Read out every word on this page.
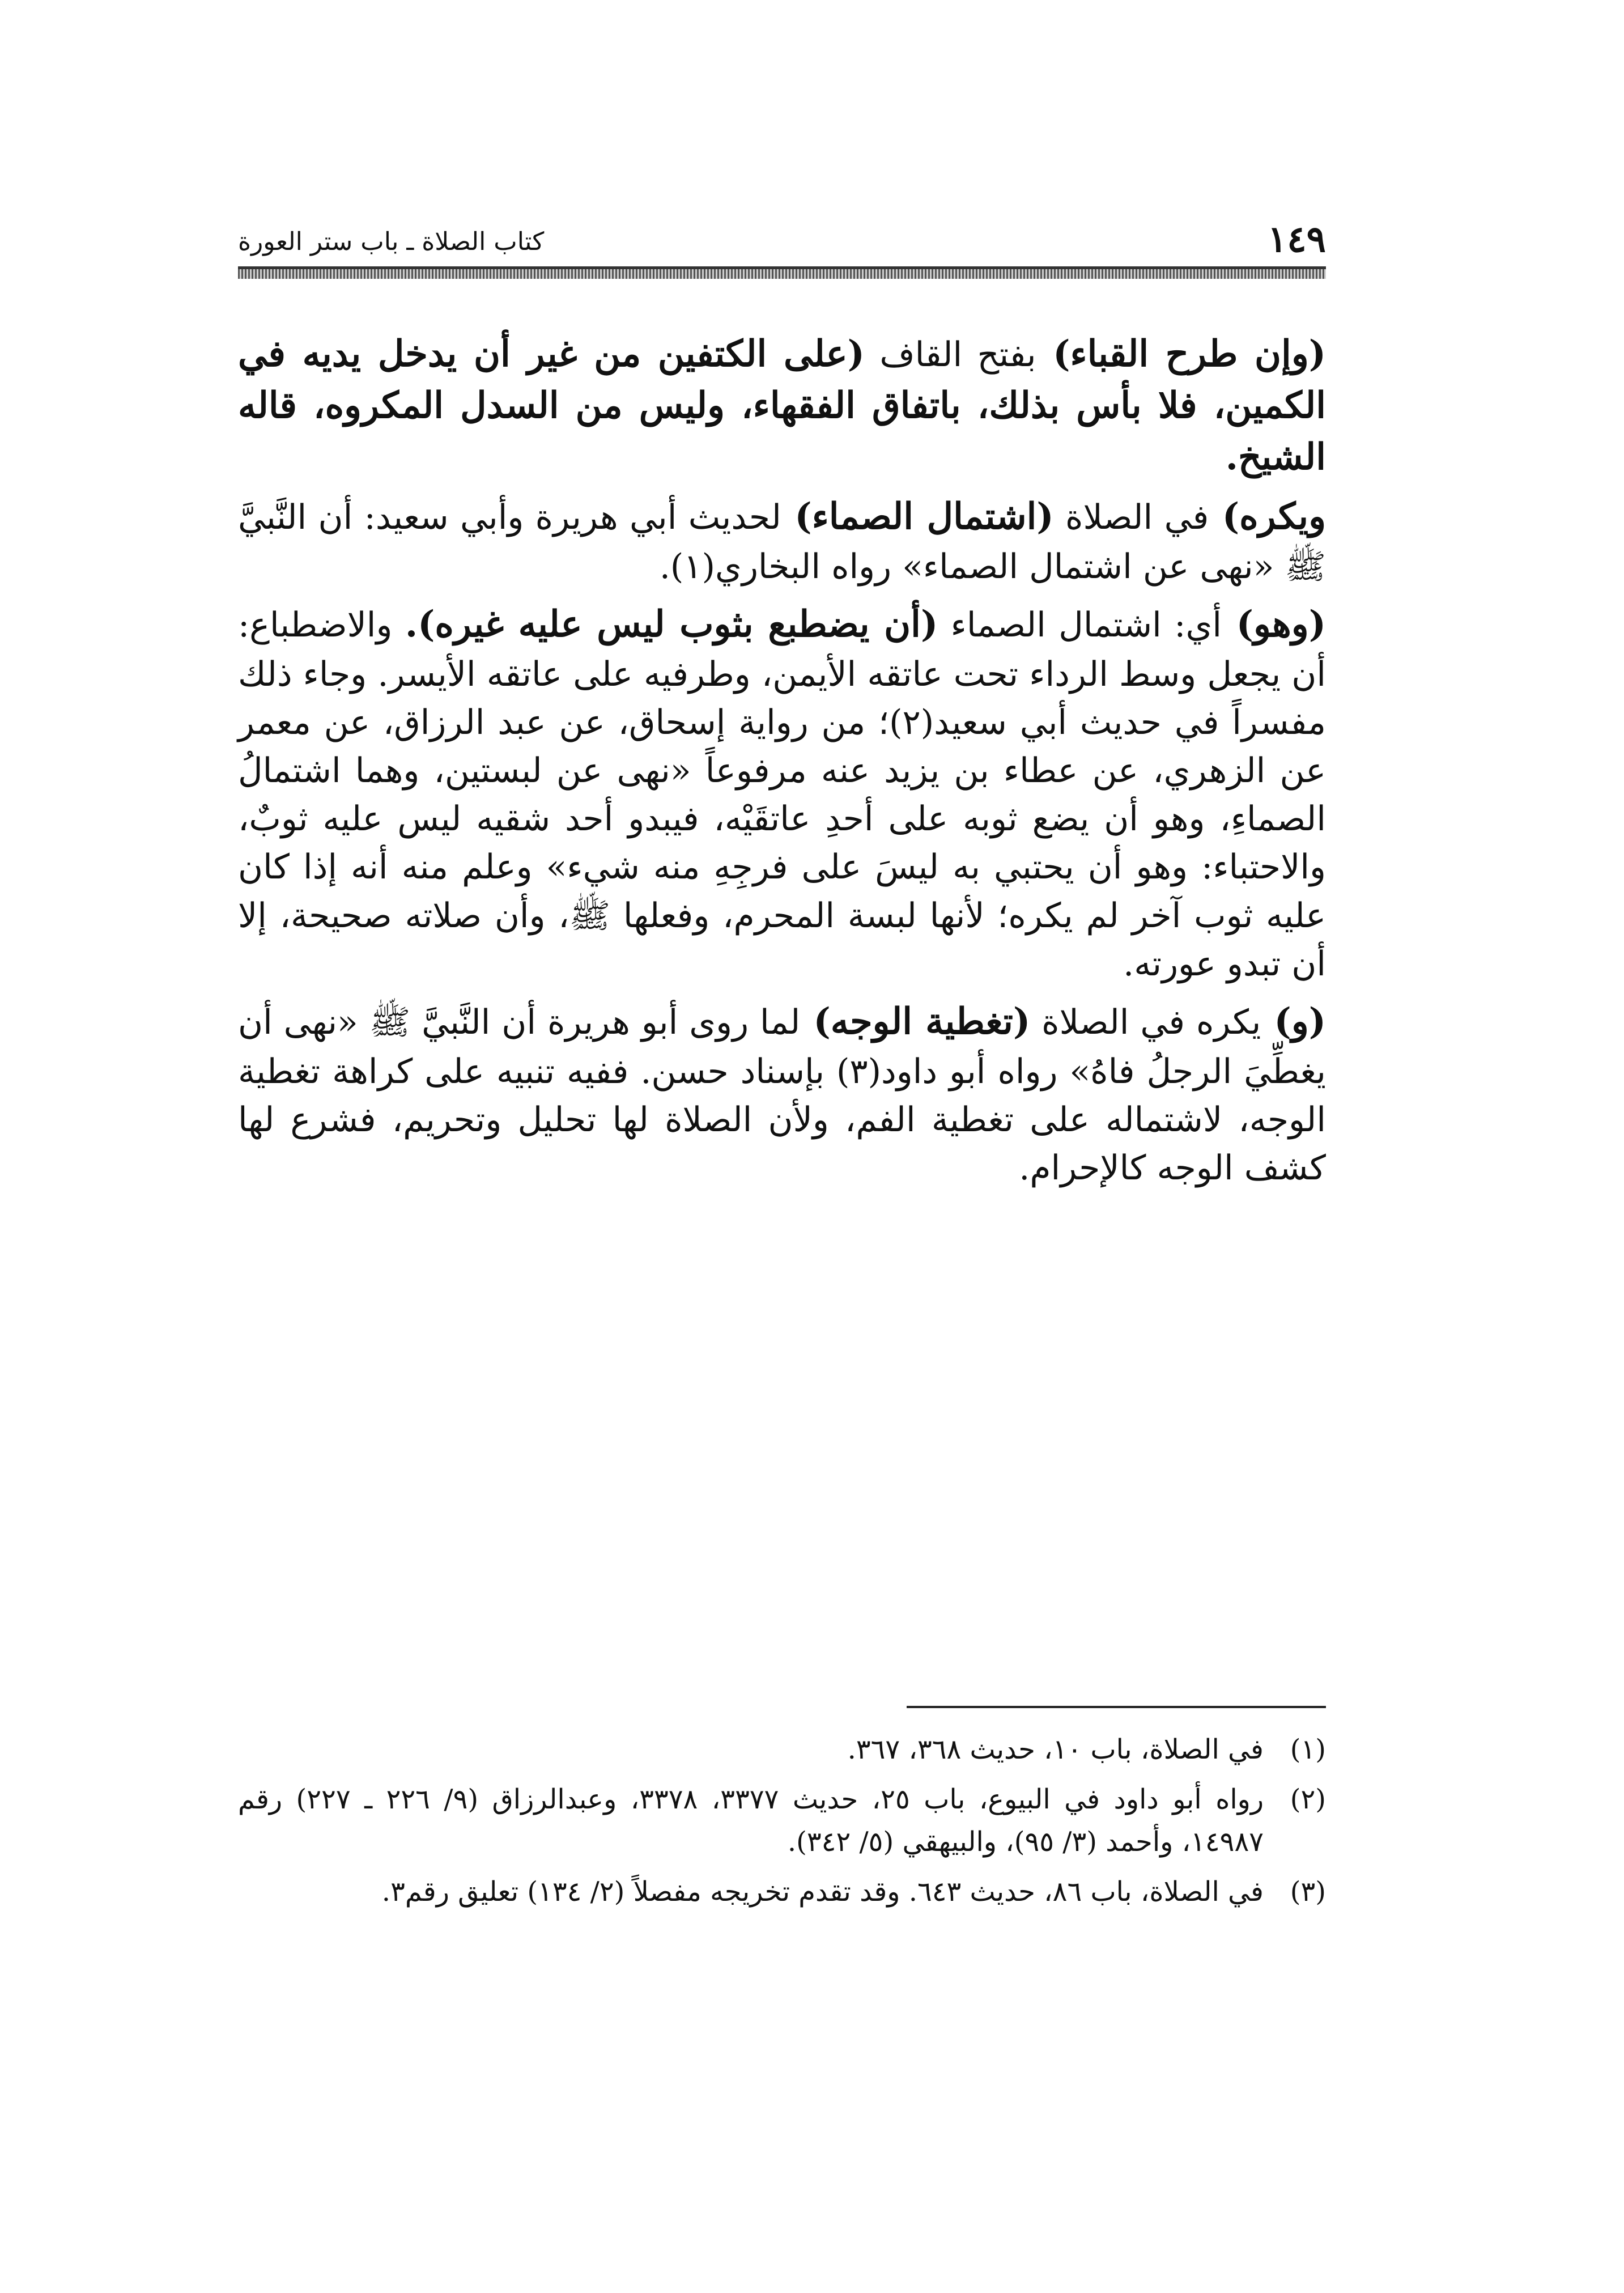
كتاب الصلاة ـ باب ستر العورة	١٤٩

(وإن طرح القباء) بفتح القاف (على الكتفين من غير أن يدخل يديه في الكمين، فلا بأس بذلك، باتفاق الفقهاء، وليس من السدل المكروه، قاله الشيخ.

ويكره) في الصلاة (اشتمال الصماء) لحديث أبي هريرة وأبي سعيد: أن النَّبيَّ ﷺ «نهى عن اشتمال الصماء» رواه البخاري(١).

(وهو) أي: اشتمال الصماء (أن يضطبع بثوب ليس عليه غيره). والاضطباع: أن يجعل وسط الرداء تحت عاتقه الأيمن، وطرفيه على عاتقه الأيسر. وجاء ذلك مفسراً في حديث أبي سعيد(٢)؛ من رواية إسحاق، عن عبد الرزاق، عن معمر عن الزهري، عن عطاء بن يزيد عنه مرفوعاً «نهى عن لبستين، وهما اشتمالُ الصماءِ، وهو أن يضع ثوبه على أحدِ عاتقَيْه، فيبدو أحد شقيه ليس عليه ثوبٌ، والاحتباء: وهو أن يحتبي به ليسَ على فرجِهِ منه شيء» وعلم منه أنه إذا كان عليه ثوب آخر لم يكره؛ لأنها لبسة المحرم، وفعلها ﷺ، وأن صلاته صحيحة، إلا أن تبدو عورته.

(و) يكره في الصلاة (تغطية الوجه) لما روى أبو هريرة أن النَّبيَّ ﷺ «نهى أن يغطِّيَ الرجلُ فاهُ» رواه أبو داود(٣) بإسناد حسن. ففيه تنبيه على كراهة تغطية الوجه، لاشتماله على تغطية الفم، ولأن الصلاة لها تحليل وتحريم، فشرع لها كشف الوجه كالإحرام.

(١)
في الصلاة، باب ١٠، حديث ٣٦٨، ٣٦٧.
(٢)
رواه أبو داود في البيوع، باب ٢٥، حديث ٣٣٧٧، ٣٣٧٨، وعبدالرزاق (٩/ ٢٢٦ ـ ٢٢٧) رقم ١٤٩٨٧، وأحمد (٣/ ٩٥)، والبيهقي (٥/ ٣٤٢).
(٣)
في الصلاة، باب ٨٦، حديث ٦٤٣. وقد تقدم تخريجه مفصلاً (٢/ ١٣٤) تعليق رقم٣.
